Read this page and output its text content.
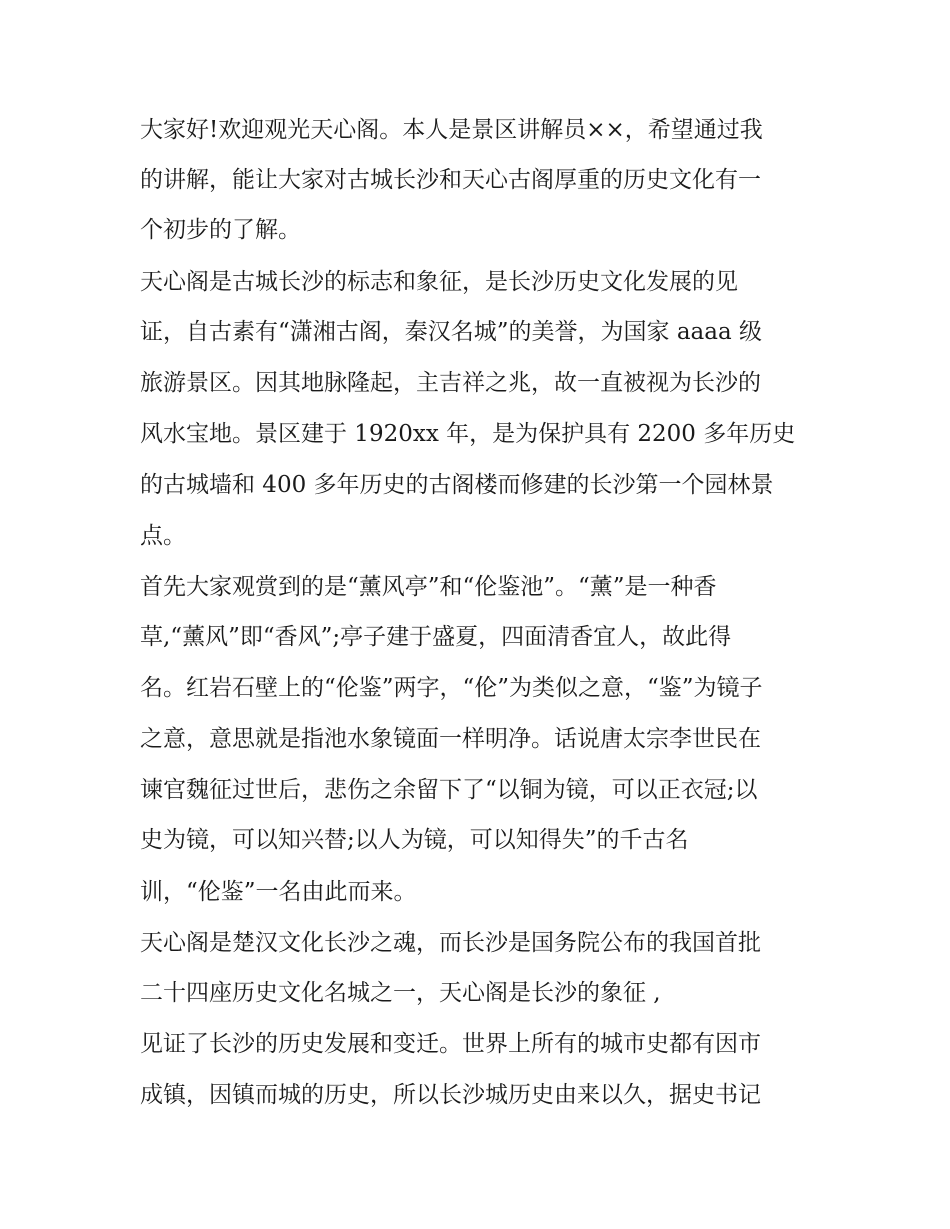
大家好!欢迎观光天心阁。本人是景区讲解员××，希望通过我
的讲解，能让大家对古城长沙和天心古阁厚重的历史文化有一
个初步的了解。
天心阁是古城长沙的标志和象征，是长沙历史文化发展的见
证，自古素有“潇湘古阁，秦汉名城”的美誉，为国家 aaaa 级
旅游景区。因其地脉隆起，主吉祥之兆，故一直被视为长沙的
风水宝地。景区建于 1920xx 年，是为保护具有 2200 多年历史
的古城墙和 400 多年历史的古阁楼而修建的长沙第一个园林景
点。
首先大家观赏到的是“薰风亭”和“伦鉴池”。“薰”是一种香
草,“薰风”即“香风”;亭子建于盛夏，四面清香宜人，故此得
名。红岩石壁上的“伦鉴”两字，“伦”为类似之意，“鉴”为镜子
之意，意思就是指池水象镜面一样明净。话说唐太宗李世民在
谏官魏征过世后，悲伤之余留下了“以铜为镜，可以正衣冠;以
史为镜，可以知兴替;以人为镜，可以知得失”的千古名
训，“伦鉴”一名由此而来。
天心阁是楚汉文化长沙之魂，而长沙是国务院公布的我国首批
二十四座历史文化名城之一，天心阁是长沙的象征 ,
见证了长沙的历史发展和变迁。世界上所有的城市史都有因市
成镇，因镇而城的历史，所以长沙城历史由来以久，据史书记
